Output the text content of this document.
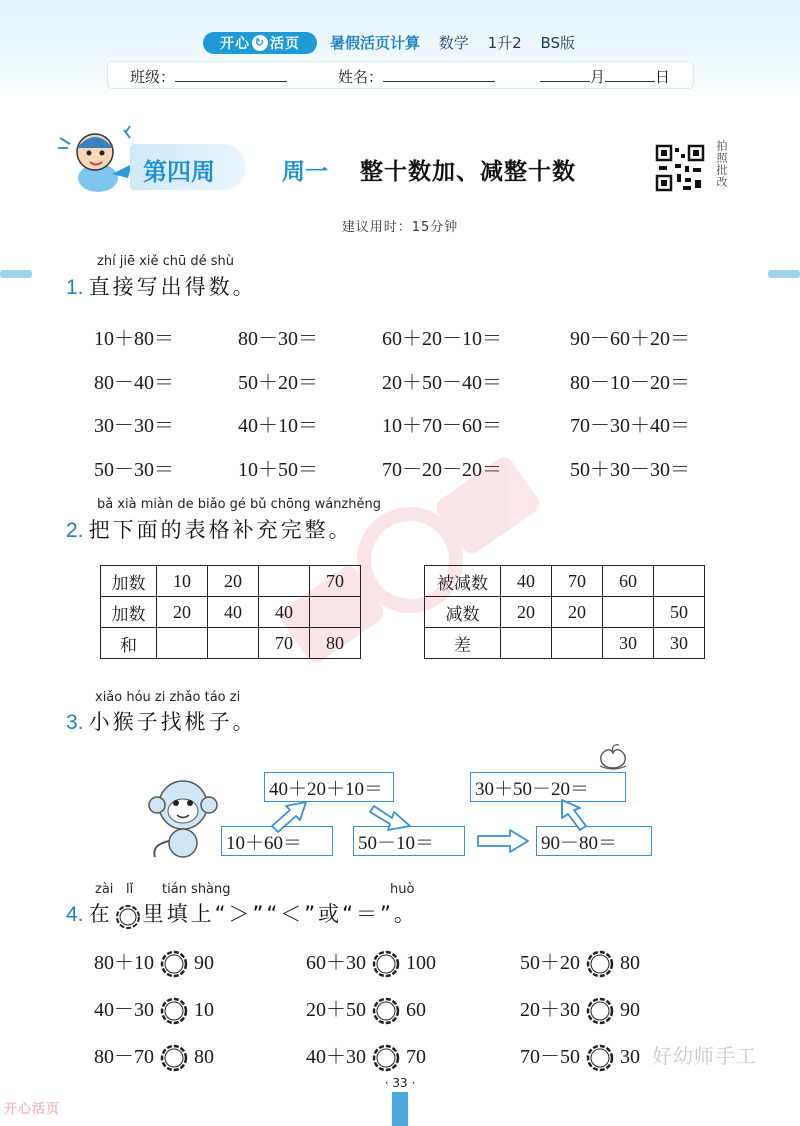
开心 ↻ 活页 暑假活页计算 数学 1升2 BS版
班级：	姓名：	月	日
第四周	周一 整十数加、减整十数	拍照批改
建议用时：15分钟
zhí jiē xiě chū dé shù
1. 直接写出得数。
10＋80＝	80－30＝	60＋20－10＝	90－60＋20＝
80－40＝	50＋20＝	20＋50－40＝	80－10－20＝
30－30＝	40＋10＝	10＋70－60＝	70－30＋40＝
50－30＝	10＋50＝	70－20－20＝	50＋30－30＝
bǎ xià miàn de biǎo gé bǔ chōng wánzhěng
2. 把下面的表格补充完整。
加数	10	20		70
加数	20	40	40	
和			70	80
被减数	40	70	60	
减数	20	20		50
差			30	30
xiǎo hóu zi zhǎo táo zi
3. 小猴子找桃子。
10＋60＝
40＋20＋10＝
50－10＝
30＋50－20＝
90－80＝
zài lǐ tián shàng	huò
4. 在 里填上“＞”“＜”或“＝”。
80＋10 90	60＋30 100	50＋20 80
40－30 10	20＋50 60	20＋30 90
80－70 80	40＋30 70	70－50 30 好幼师手工
· 33 ·
开心活页
